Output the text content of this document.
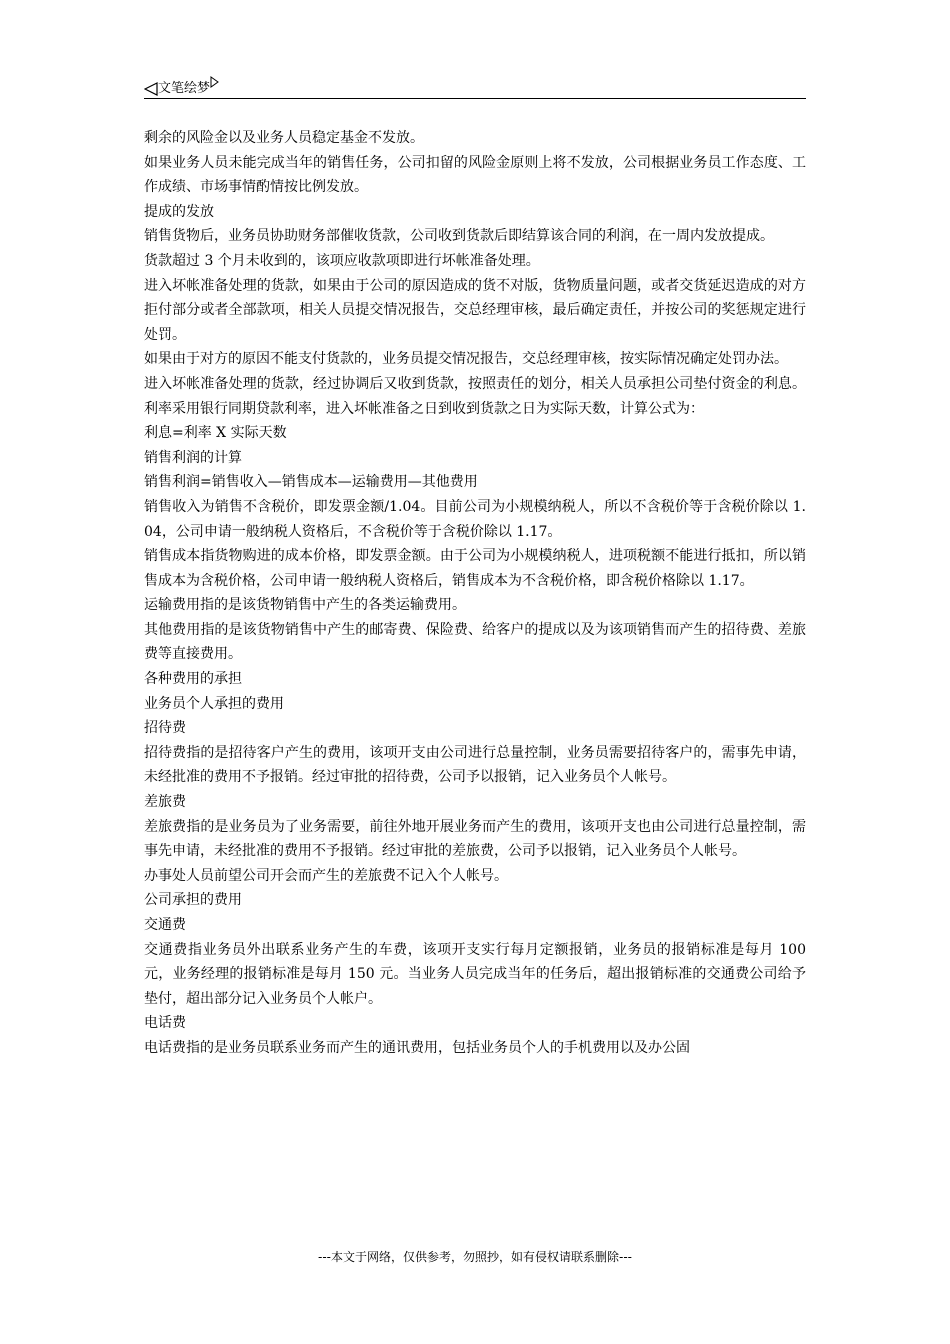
文笔绘梦

剩余的风险金以及业务人员稳定基金不发放。

如果业务人员未能完成当年的销售任务，公司扣留的风险金原则上将不发放，公司根据业务员工作态度、工作成绩、市场事情酌情按比例发放。

提成的发放

销售货物后，业务员协助财务部催收货款，公司收到货款后即结算该合同的利润，在一周内发放提成。

货款超过 3 个月未收到的，该项应收款项即进行坏帐准备处理。

进入坏帐准备处理的货款，如果由于公司的原因造成的货不对版，货物质量问题，或者交货延迟造成的对方拒付部分或者全部款项，相关人员提交情况报告，交总经理审核，最后确定责任，并按公司的奖惩规定进行处罚。

如果由于对方的原因不能支付货款的，业务员提交情况报告，交总经理审核，按实际情况确定处罚办法。

进入坏帐准备处理的货款，经过协调后又收到货款，按照责任的划分，相关人员承担公司垫付资金的利息。利率采用银行同期贷款利率，进入坏帐准备之日到收到货款之日为实际天数，计算公式为：

利息=利率 X 实际天数

销售利润的计算

销售利润=销售收入—销售成本—运输费用—其他费用

销售收入为销售不含税价，即发票金额/1.04。目前公司为小规模纳税人，所以不含税价等于含税价除以 1.04，公司申请一般纳税人资格后，不含税价等于含税价除以 1.17。

销售成本指货物购进的成本价格，即发票金额。由于公司为小规模纳税人，进项税额不能进行抵扣，所以销售成本为含税价格，公司申请一般纳税人资格后，销售成本为不含税价格，即含税价格除以 1.17。

运输费用指的是该货物销售中产生的各类运输费用。

其他费用指的是该货物销售中产生的邮寄费、保险费、给客户的提成以及为该项销售而产生的招待费、差旅费等直接费用。

各种费用的承担

业务员个人承担的费用

招待费

招待费指的是招待客户产生的费用，该项开支由公司进行总量控制，业务员需要招待客户的，需事先申请，未经批准的费用不予报销。经过审批的招待费，公司予以报销，记入业务员个人帐号。

差旅费

差旅费指的是业务员为了业务需要，前往外地开展业务而产生的费用，该项开支也由公司进行总量控制，需事先申请，未经批准的费用不予报销。经过审批的差旅费，公司予以报销，记入业务员个人帐号。

办事处人员前望公司开会而产生的差旅费不记入个人帐号。

公司承担的费用

交通费

交通费指业务员外出联系业务产生的车费，该项开支实行每月定额报销，业务员的报销标准是每月 100 元，业务经理的报销标准是每月 150 元。当业务人员完成当年的任务后，超出报销标准的交通费公司给予垫付，超出部分记入业务员个人帐户。

电话费

电话费指的是业务员联系业务而产生的通讯费用，包括业务员个人的手机费用以及办公固

---本文于网络，仅供参考，勿照抄，如有侵权请联系删除---
